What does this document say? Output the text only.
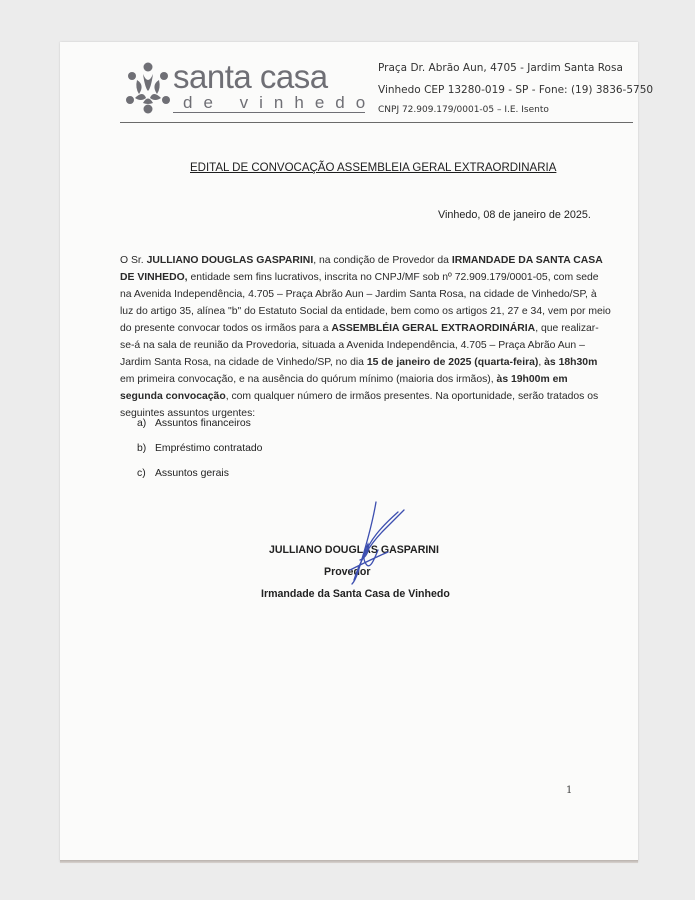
santa casa
de vinhedo
Praça Dr. Abrão Aun, 4705 - Jardim Santa Rosa
Vinhedo CEP 13280-019 - SP - Fone: (19) 3836-5750
CNPJ 72.909.179/0001-05 – I.E. Isento
EDITAL DE CONVOCAÇÃO ASSEMBLEIA GERAL EXTRAORDINARIA
Vinhedo, 08 de janeiro de 2025.
O Sr. JULLIANO DOUGLAS GASPARINI, na condição de Provedor da IRMANDADE DA SANTA CASA
DE VINHEDO, entidade sem fins lucrativos, inscrita no CNPJ/MF sob nº 72.909.179/0001-05, com sede
na Avenida Independência, 4.705 – Praça Abrão Aun – Jardim Santa Rosa, na cidade de Vinhedo/SP, à
luz do artigo 35, alínea "b" do Estatuto Social da entidade, bem como os artigos 21, 27 e 34, vem por meio
do presente convocar todos os irmãos para a ASSEMBLÉIA GERAL EXTRAORDINÁRIA, que realizar-
se-á na sala de reunião da Provedoria, situada a Avenida Independência, 4.705 – Praça Abrão Aun –
Jardim Santa Rosa, na cidade de Vinhedo/SP, no dia 15 de janeiro de 2025 (quarta-feira), às 18h30m
em primeira convocação, e na ausência do quórum mínimo (maioria dos irmãos), às 19h00m em
segunda convocação, com qualquer número de irmãos presentes. Na oportunidade, serão tratados os
seguintes assuntos urgentes:
a) Assuntos financeiros
b) Empréstimo contratado
c) Assuntos gerais
JULLIANO DOUGLAS GASPARINI
Provedor
Irmandade da Santa Casa de Vinhedo
1
